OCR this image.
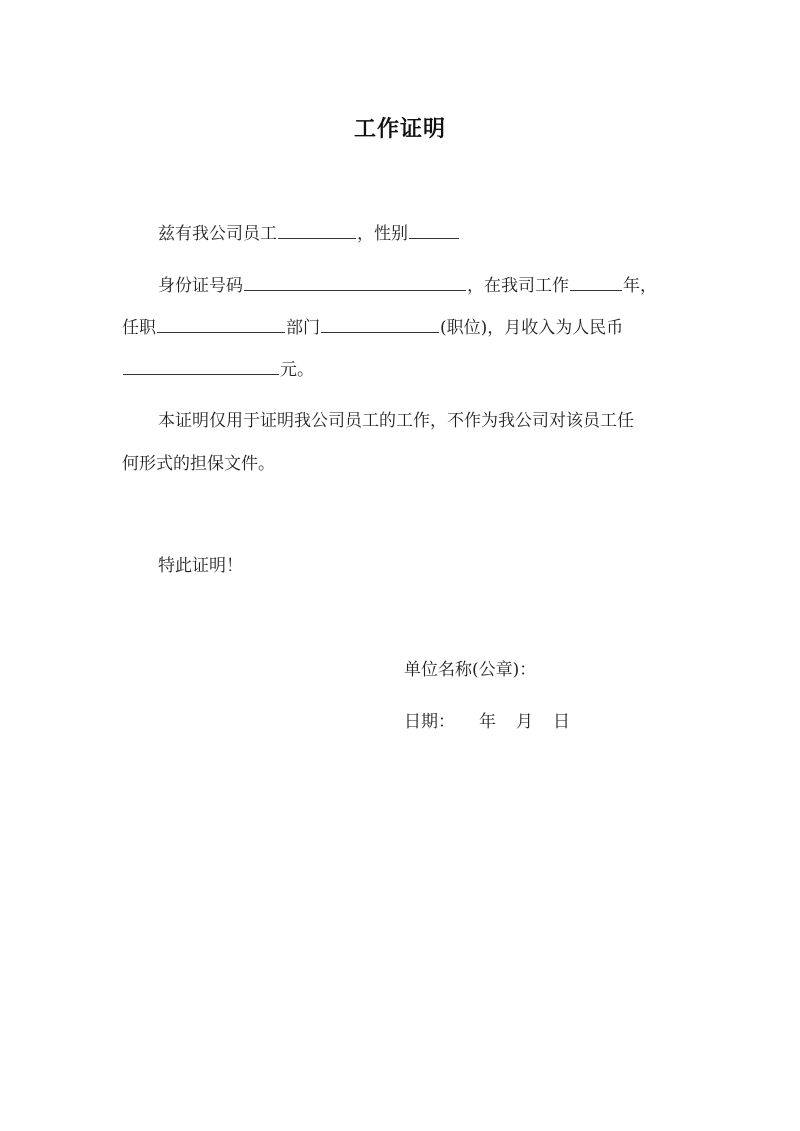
工作证明
兹有我公司员工	，性别
身份证号码	，在我司工作	年，
任职	部门	(职位)，月收入为人民币
元。
本证明仅用于证明我公司员工的工作，不作为我公司对该员工任
何形式的担保文件。
特此证明！
单位名称(公章)：
日期： 年 月 日
